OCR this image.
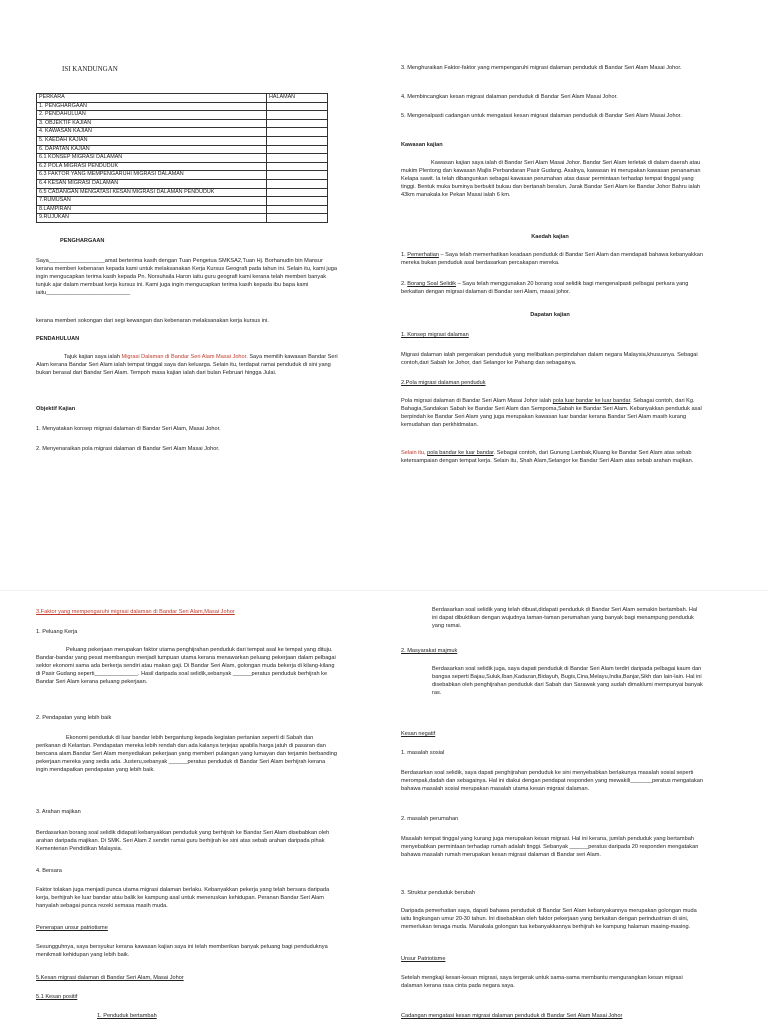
ISI KANDUNGAN
PERKARA	HALAMAN
1. PENGHARGAAN	
2. PENDAHULUAN	
3. OBJEKTIF KAJIAN	
4. KAWASAN KAJIAN	
5. KAEDAH KAJIAN	
6. DAPATAN KAJIAN	
6.1 KONSEP MIGRASI DALAMAN	
6.2 POLA MIGRASI PENDUDUK	
6.3 FAKTOR YANG MEMPENGARUHI MIGRASI DALAMAN	
6.4 KESAN MIGRASI DALAMAN	
6.5 CADANGAN MENGATASI KESAN MIGRASI DALAMAN PENDUDUK	
7.RUMUSAN	
8.LAMPIRAN	
9.RUJUKAN	
PENGHARGAAN

Saya__________________amat berterima kasih dengan Tuan Pengetua SMKSA2,Tuan Hj. Borhanudin bin Mansur kerana memberi kebenaran kepada kami untuk melaksanakan Kerja Kursus Geografi pada tahun ini. Selain itu, kami juga ingin mengucapkan terima kasih kepada Pn. Norsuhaila Haron iaitu guru geografi kami kerana telah memberi banyak tunjuk ajar dalam membuat kerja kursus ini. Kami juga ingin mengucapkan terima kasih kepada ibu bapa kami iaitu___________________________

kerana memberi sokongan dari segi kewangan dan kebenaran melaksanakan kerja kursus ini.

PENDAHULUAN

Tajuk kajian saya ialah Migrasi Dalaman di Bandar Seri Alam Masai Johor. Saya memilih kawasan Bandar Seri Alam kerana Bandar Seri Alam ialah tempat tinggal saya dan keluarga. Selain itu, terdapat ramai penduduk di sini yang bukan berasal dari Bandar Seri Alam. Tempoh masa kajian ialah dari bulan Februari hingga Julai.

Objektif Kajian

1. Menyatakan konsep migrasi dalaman di Bandar Seri Alam, Masai Johor.

2. Menyenaraikan pola migrasi dalaman di Bandar Seri Alam Masai Johor.

3. Menghuraikan Faktor-faktor yang mempengaruhi migrasi dalaman penduduk di Bandar Seri Alam Masai Johor.

4. Membincangkan kesan migrasi dalaman penduduk di Bandar Seri Alam Masai Johor.

5. Mengenalpasti cadangan untuk mengatasi kesan migrasi dalaman penduduk di Bandar Seri Alam Masai Johor.

Kawasan kajian

Kawasan kajian saya ialah di Bandar Seri Alam Masai Johor. Bandar Seri Alam terletak di dalam daerah atau mukim Plentong dan kawasan Majlis Perbandaran Pasir Gudang. Asalnya, kawasan ini merupakan kawasan penanaman Kelapa sawit. Ia telah dibangunkan sebagai kawasan perumahan atas dasar permintaan terhadap tempat tinggal yang tinggi. Bentuk muka buminya berbukit bukau dan bertanah beralun. Jarak Bandar Seri Alam ke Bandar Johor Bahru ialah 43km manakala ke Pekan Masai ialah 6 km.

Kaedah kajian

1. Pemerhatian – Saya telah memerhatikan keadaan penduduk di Bandar Seri Alam dan mendapati bahawa kebanyakkan mereka bukan penduduk asal berdasarkan percakapan mereka.

2. Borang Soal Selidik – Saya telah menggunakan 20 borang soal selidik bagi mengenalpasti pelbagai perkara yang berkaitan dengan migrasi dalaman di Bandar seri Alam, masai johor.

Dapatan kajian
1. Konsep migrasi dalaman

Migrasi dalaman ialah pergerakan penduduk yang melibatkan perpindahan dalam negara Malaysia,khususnya. Sebagai contoh,dari Sabah ke Johor, dari Selangor ke Pahang dan sebagainya.

2.Pola migrasi dalaman penduduk

Pola migrasi dalaman di Bandar Seri Alam Masai Johor ialah pola luar bandar ke luar bandar. Sebagai contoh, dari Kg. Bahagia,Sandakan Sabah ke Bandar Seri Alam dan Sempoma,Sabah ke Bandar Seri Alam. Kebanyakkan penduduk asal berpindah ke Bandar Seri Alam yang juga merupakan kawasan luar bandar kerana Bandar Seri Alam masih kurang kemudahan dan perkhidmatan.

Selain itu, pola bandar ke luar bandar. Sebagai contoh, dari Gunung Lambak,Kluang ke Bandar Seri Alam atas sebab ketersampaian dengan tempat kerja. Selain itu, Shah Alam,Selangor ke Bandar Seri Alam atas sebab arahan majikan.

3.Faktor yang mempengaruhi migrasi dalaman di Bandar Seri Alam,Masai Johor
1. Peluang Kerja

Peluang pekerjaan merupakan faktor utama penghijrahan penduduk dari tempat asal ke tempat yang dituju. Bandar-bandar yang pesat membangun menjadi tumpuan utama kerana menawarkan peluang pekerjaan dalam pelbagai sektor ekonomi sama ada berkerja sendiri atau makan gaji. Di Bandar Seri Alam, golongan muda bekerja di kilang-kilang di Pasir Gudang seperti______________. Hasil daripada soal selidik,sebanyak ______peratus penduduk berhijrah ke Bandar Seri Alam kerana peluang pekerjaan.

2. Pendapatan yang lebih baik

Ekonomi penduduk di luar bandar lebih bergantung kepada kegiatan pertanian seperti di Sabah dan perikanan di Kelantan. Pendapatan mereka lebih rendah dan ada kalanya terjejas apabila harga jatuh di pasaran dan bencana alam.Bandar Seri Alam menyediakan pekerjaan yang memberi pulangan yang lumayan dan terjamin berbanding pekerjaan mereka yang sedia ada. Justeru,sebanyak ______peratus penduduk di Bandar Seri Alam berhijrah kerana ingin mendapatkan pendapatan yang lebih baik.

3. Arahan majikan

Berdasarkan borang soal selidik didapati kebanyakkan penduduk yang berhijrah ke Bandar Seri Alam disebabkan oleh arahan daripada majikan. Di SMK. Seri Alam 2 sendiri ramai guru berhijrah ke sini atas sebab arahan daripada pihak Kementerian Pendidikan Malaysia.

4. Bersara

Faktor tolakan juga menjadi punca utama migrasi dalaman berlaku. Kebanyakkan pekerja yang telah bersara daripada kerja, berhijrah ke luar bandar atau balik ke kampung asal untuk meneruskan kehidupan. Peranan Bandar Seri Alam hanyalah sebagai punca rezeki semasa masih muda.

Penerapan unsur patriotisme

Sesungguhnya, saya bersyukur kerana kawasan kajian saya ini telah memberikan banyak peluang bagi penduduknya menikmati kehidupan yang lebih baik.

5.Kesan migrasi dalaman di Bandar Seri Alam, Masai Johor
5.1 Kesan positif
1. Penduduk bertambah

Berdasarkan soal selidik yang telah dibuat,didapati penduduk di Bandar Seri Alam semakin bertambah. Hal ini dapat dibuktikan dengan wujudnya taman-taman perumahan yang banyak bagi menampung penduduk yang ramai.

2. Masyarakat majmuk

Berdasarkan soal selidik juga, saya dapati penduduk di Bandar Seri Alam terdiri daripada pelbagai kaum dan bangsa seperti Bajau,Suluk,Iban,Kadazan,Bidayuh, Bugis,Cina,Melayu,India,Banjar,Sikh dan lain-lain. Hal ini disebabkan oleh penghijrahan penduduk dari Sabah dan Sarawak yang sudah dimaklumi mempunyai banyak ras.

Kesan negatif
1. masalah sosial

Berdasarkan soal selidik, saya dapati penghijrahan penduduk ke sini menyebabkan berlakunya masalah sosial seperti merompak,dadah dan sebagainya. Hal ini diakui dengan pendapat responden yang mewakili_______peratus mengatakan bahawa masalah sosial merupakan masalah utama kesan migrasi dalaman.

2. masalah perumahan

Masalah tempat tinggal yang kurang juga merupakan kesan migrasi. Hal ini kerana, jumlah penduduk yang bertambah menyebabkan permintaan terhadap rumah adalah tinggi. Sebanyak ______peratus daripada 20 responden mengatakan bahawa masalah rumah merupakan kesan migrasi dalaman di Bandar seri Alam.

3. Struktur penduduk berubah

Daripada pemerhatian saya, dapati bahawa penduduk di Bandar Seri Alam kebanyakannya merupakan golongan muda iaitu lingkungan umur 20-30 tahun. Ini disebabkan oleh faktor pekerjaan yang berkaitan dengan perindustrian di sini, memerlukan tenaga muda. Manakala golongan tua kebanyakkannya berhijrah ke kampung halaman masing-masing.

Unsur Patriotisme

Setelah mengkaji kesan-kesan migrasi, saya tergerak untuk sama-sama membantu mengurangkan kesan migrasi dalaman kerana rasa cinta pada negara saya.

Cadangan mengatasi kesan migrasi dalaman penduduk di Bandar Seri Alam Masai Johor
